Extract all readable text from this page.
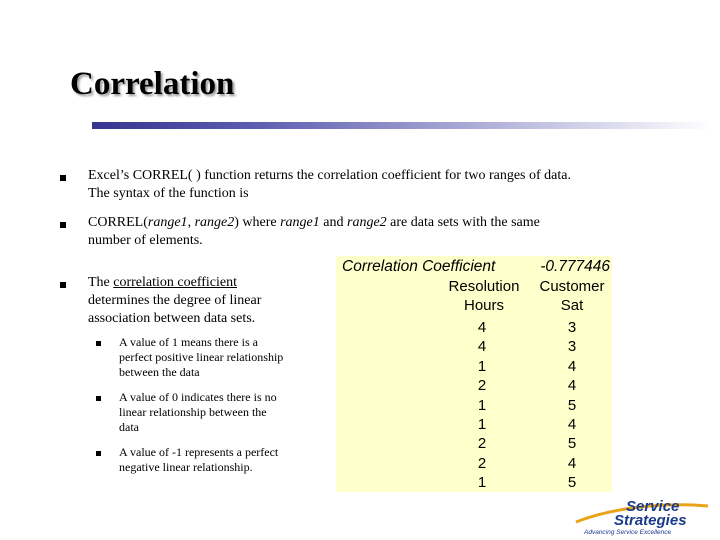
Correlation
Excel’s CORREL( ) function returns the correlation coefficient for two ranges of data.
The syntax of the function is
CORREL(range1, range2) where range1 and range2 are data sets with the same
number of elements.
The correlation coefficient
determines the degree of linear
association between data sets.
A value of 1 means there is a
perfect positive linear relationship
between the data
A value of 0 indicates there is no
linear relationship between the
data
A value of -1 represents a perfect
negative linear relationship.
Correlation Coefficient	-0.777446
Resolution
Hours
Customer
Sat
4
4
1
2
1
1
2
2
1
3
3
4
4
5
4
5
4
5
Service
Strategies
Advancing Service Excellence
